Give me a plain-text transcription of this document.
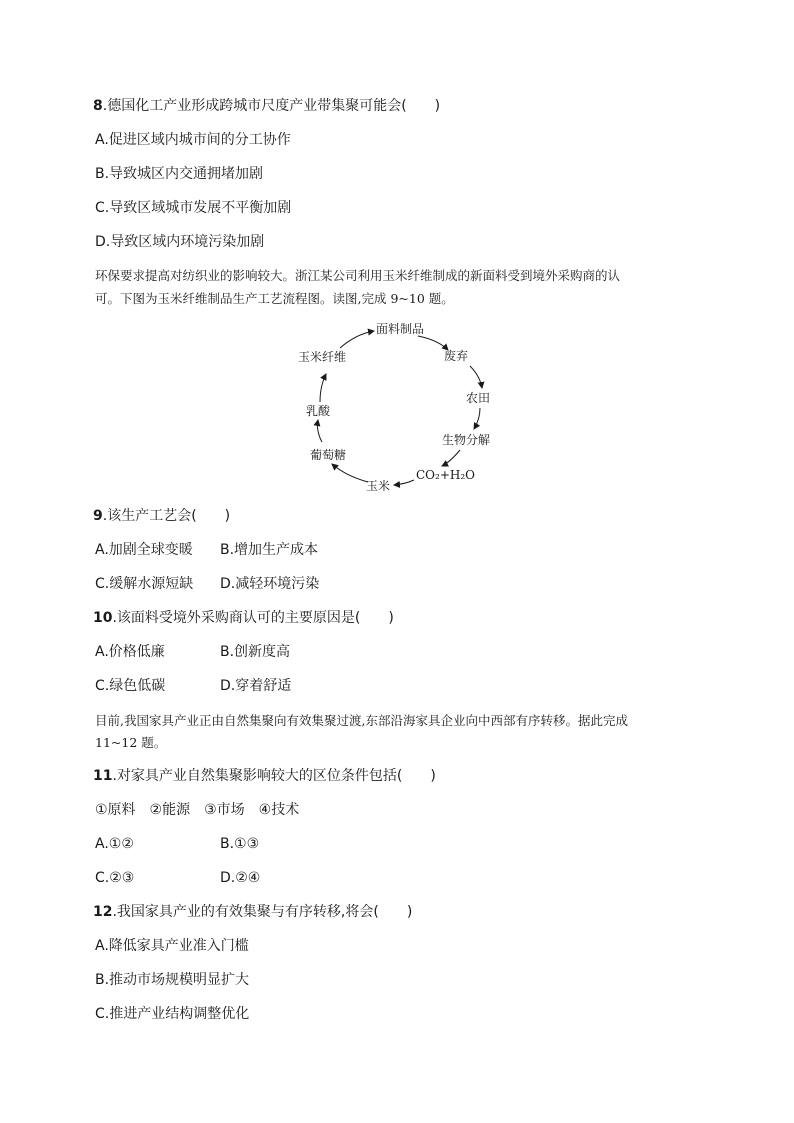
8.德国化工产业形成跨城市尺度产业带集聚可能会(　　)
A.促进区域内城市间的分工协作
B.导致城区内交通拥堵加剧
C.导致区域城市发展不平衡加剧
D.导致区域内环境污染加剧
环保要求提高对纺织业的影响较大。浙江某公司利用玉米纤维制成的新面料受到境外采购商的认
可。下图为玉米纤维制品生产工艺流程图。读图,完成 9~10 题。
面料制品
废弃
农田
生物分解
CO₂+H₂O
玉米
葡萄糖
乳酸
玉米纤维
9.该生产工艺会(　　)
A.加剧全球变暖 B.增加生产成本
C.缓解水源短缺 D.减轻环境污染
10.该面料受境外采购商认可的主要原因是(　　)
A.价格低廉	B.创新度高
C.绿色低碳	D.穿着舒适
目前,我国家具产业正由自然集聚向有效集聚过渡,东部沿海家具企业向中西部有序转移。据此完成
11~12 题。
11.对家具产业自然集聚影响较大的区位条件包括(　　)
①原料　②能源　③市场　④技术
A.①②	B.①③
C.②③	D.②④
12.我国家具产业的有效集聚与有序转移,将会(　　)
A.降低家具产业准入门槛
B.推动市场规模明显扩大
C.推进产业结构调整优化
